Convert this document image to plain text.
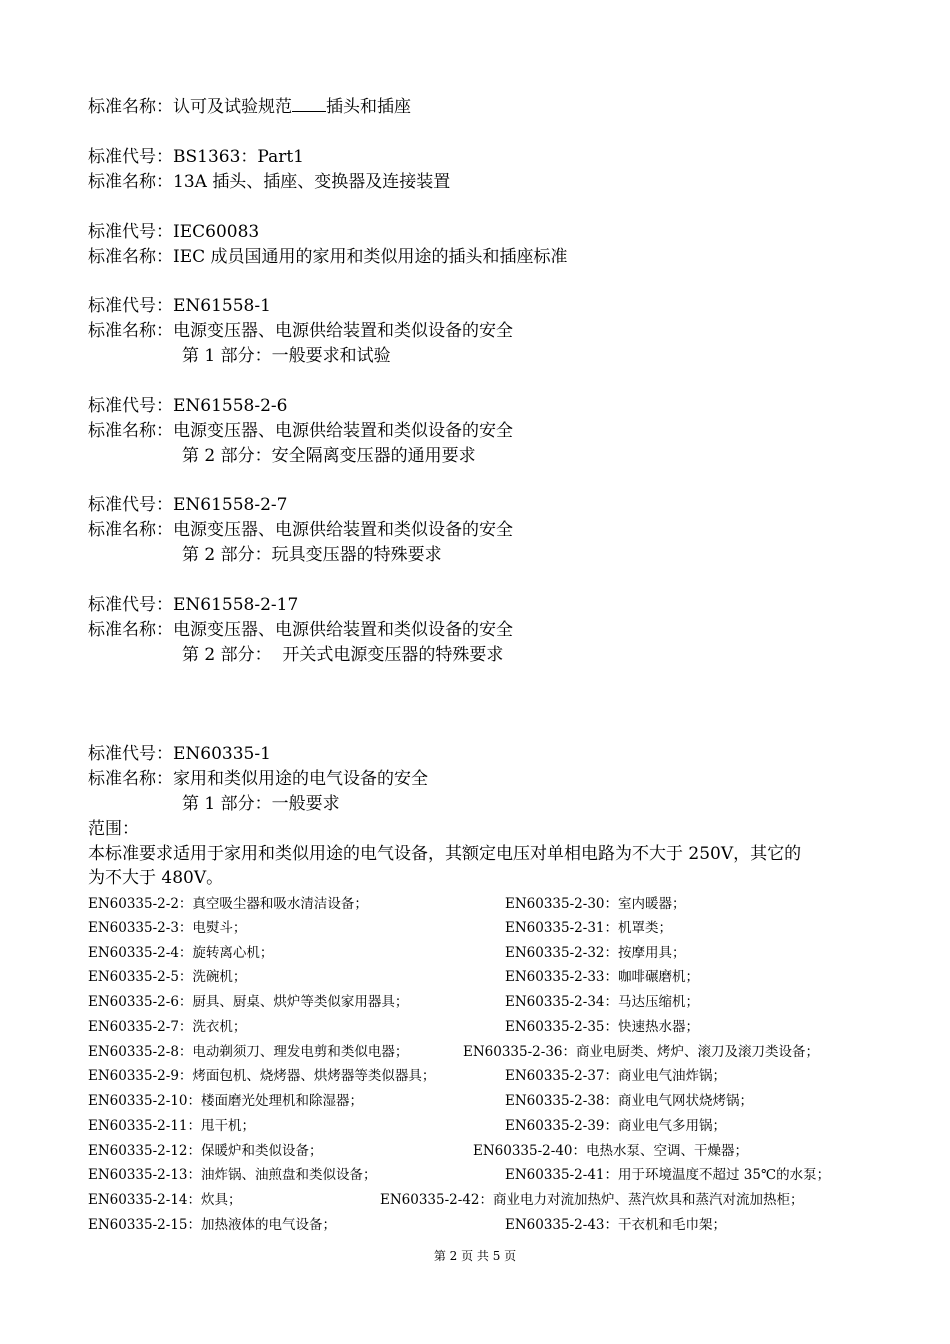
标准名称：认可及试验规范 插头和插座
标准代号：BS1363：Part1
标准名称：13A 插头、插座、变换器及连接装置
标准代号：IEC60083
标准名称：IEC 成员国通用的家用和类似用途的插头和插座标准
标准代号：EN61558-1
标准名称：电源变压器、电源供给装置和类似设备的安全
第 1 部分：一般要求和试验
标准代号：EN61558-2-6
标准名称：电源变压器、电源供给装置和类似设备的安全
第 2 部分：安全隔离变压器的通用要求
标准代号：EN61558-2-7
标准名称：电源变压器、电源供给装置和类似设备的安全
第 2 部分：玩具变压器的特殊要求
标准代号：EN61558-2-17
标准名称：电源变压器、电源供给装置和类似设备的安全
第 2 部分：  开关式电源变压器的特殊要求
标准代号：EN60335-1
标准名称：家用和类似用途的电气设备的安全
第 1 部分：一般要求
范围：
本标准要求适用于家用和类似用途的电气设备，其额定电压对单相电路为不大于 250V，其它的
为不大于 480V。
EN60335-2-2：真空吸尘器和吸水清洁设备；	EN60335-2-30：室内暖器；
EN60335-2-3：电熨斗；	EN60335-2-31：机罩类；
EN60335-2-4：旋转离心机；	EN60335-2-32：按摩用具；
EN60335-2-5：洗碗机；	EN60335-2-33：咖啡碾磨机；
EN60335-2-6：厨具、厨桌、烘炉等类似家用器具；	EN60335-2-34：马达压缩机；
EN60335-2-7：洗衣机；	EN60335-2-35：快速热水器；
EN60335-2-8：电动剃须刀、理发电剪和类似电器；	EN60335-2-36：商业电厨类、烤炉、滚刀及滚刀类设备；
EN60335-2-9：烤面包机、烧烤器、烘烤器等类似器具；	EN60335-2-37：商业电气油炸锅；
EN60335-2-10：楼面磨光处理机和除湿器；	EN60335-2-38：商业电气网状烧烤锅；
EN60335-2-11：甩干机；	EN60335-2-39：商业电气多用锅；
EN60335-2-12：保暖炉和类似设备；	EN60335-2-40：电热水泵、空调、干燥器；
EN60335-2-13：油炸锅、油煎盘和类似设备；	EN60335-2-41：用于环境温度不超过 35℃的水泵；
EN60335-2-14：炊具；	EN60335-2-42：商业电力对流加热炉、蒸汽炊具和蒸汽对流加热柜；
EN60335-2-15：加热液体的电气设备；	EN60335-2-43：干衣机和毛巾架；
第 2 页 共 5 页
